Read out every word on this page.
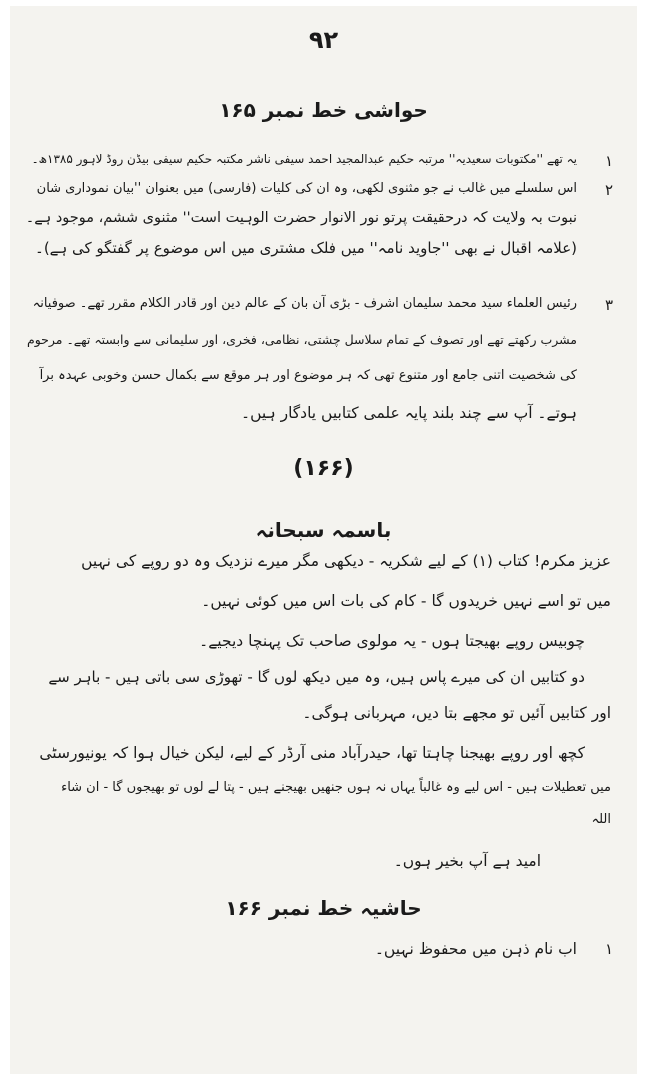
٩٢
حواشی خط نمبر ۱۶۵
۱
یہ تھے ''مکتوبات سعیدیہ'' مرتبہ حکیم عبدالمجید احمد سیفی ناشر مکتبہ حکیم سیفی بیڈن روڈ لاہور ۱۳۸۵ھ۔
۲
اس سلسلے میں غالب نے جو مثنوی لکھی، وہ ان کی کلیات (فارسی) میں بعنوان ''بیان نموداری شان
نبوت بہ ولایت کہ درحقیقت پرتو نور الانوار حضرت الوہیت است'' مثنوی ششم، موجود ہے۔
(علامہ اقبال نے بھی ''جاوید نامہ'' میں فلک مشتری میں اس موضوع پر گفتگو کی ہے)۔
۳
رئیس العلماء سید محمد سلیمان اشرف - بڑی آن بان کے عالم دین اور قادر الکلام مقرر تھے۔ صوفیانہ
مشرب رکھتے تھے اور تصوف کے تمام سلاسل چشتی، نظامی، فخری، اور سلیمانی سے وابستہ تھے۔ مرحوم
کی شخصیت اتنی جامع اور متنوع تھی کہ ہر موضوع اور ہر موقع سے بکمال حسن وخوبی عہدہ برآ
ہوتے۔ آپ سے چند بلند پایہ علمی کتابیں یادگار ہیں۔
(۱۶۶)
باسمہ سبحانہ
عزیز مکرم! کتاب (۱) کے لیے شکریہ - دیکھی مگر میرے نزدیک وہ دو روپے کی نہیں
میں تو اسے نہیں خریدوں گا - کام کی بات اس میں کوئی نہیں۔
چوبیس روپے بھیجتا ہوں - یہ مولوی صاحب تک پہنچا دیجیے۔
دو کتابیں ان کی میرے پاس ہیں، وہ میں دیکھ لوں گا - تھوڑی سی باتی ہیں - باہر سے
اور کتابیں آئیں تو مجھے بتا دیں، مہربانی ہوگی۔
کچھ اور روپے بھیجنا چاہتا تھا، حیدرآباد منی آرڈر کے لیے، لیکن خیال ہوا کہ یونیورسٹی
میں تعطیلات ہیں - اس لیے وہ غالباً یہاں نہ ہوں جنھیں بھیجنے ہیں - پتا لے لوں تو بھیجوں گا - ان شاء
اللہ
امید ہے آپ بخیر ہوں۔
حاشیہ خط نمبر ۱۶۶
۱
اب نام ذہن میں محفوظ نہیں۔
